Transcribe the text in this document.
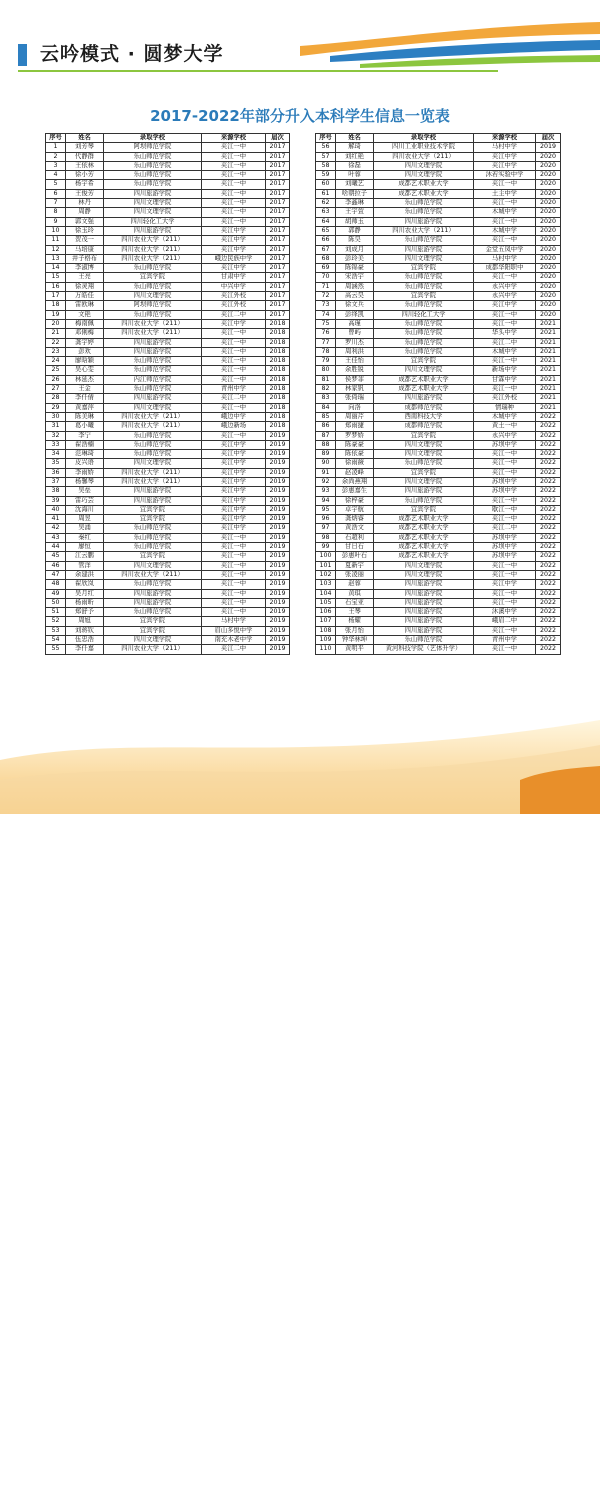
云吟模式 · 圆梦大学
2017-2022年部分升入本科学生信息一览表
序号	姓名	录取学校	来源学校	届次
1	刘芳琴	阿坝师范学院	夹江一中	2017
2	代静群	乐山师范学院	夹江一中	2017
3	王依林	乐山师范学院	夹江一中	2017
4	徐小芳	乐山师范学院	夹江一中	2017
5	杨宇希	乐山师范学院	夹江一中	2017
6	王俊芳	四川旅游学院	夹江一中	2017
7	林丹	四川文理学院	夹江一中	2017
8	周静	四川文理学院	夹江一中	2017
9	郭文强	四川轻化工大学	夹江一中	2017
10	徐玉玲	四川旅游学院	夹江中学	2017
11	贺茂一	四川农业大学（211）	夹江中学	2017
12	马培康	四川农业大学（211）	夹江中学	2017
13	井子格布	四川农业大学（211）	峨边民族中学	2017
14	李淑博	乐山师范学院	夹江中学	2017
15	王亮	宜宾学院	甘肃中学	2017
16	徐灵翔	乐山师范学院	中兴中学	2017
17	万皓佳	四川文理学院	夹江外校	2017
18	雷欧琳	阿坝师范学院	夹江外校	2017
19	文艳	乐山师范学院	夹江二中	2017
20	梅南佩	四川农业大学（211）	夹江中学	2018
21	邓俐梅	四川农业大学（211）	夹江一中	2018
22	龚宇婷	四川旅游学院	夹江一中	2018
23	彭欢	四川旅游学院	夹江一中	2018
24	廖晗颖	乐山师范学院	夹江一中	2018
25	吴心雯	乐山师范学院	夹江一中	2018
26	林延杰	内江师范学院	夹江一中	2018
27	王金	乐山师范学院	青州中学	2018
28	李仟倩	四川旅游学院	夹江二中	2018
29	黄嘉萍	四川文理学院	夹江一中	2018
30	陈美琳	四川农业大学（211）	峨边中学	2018
31	葛小曦	四川农业大学（211）	峨边新场	2018
32	李宁	乐山师范学院	夹江一中	2019
33	翟浩楠	乐山师范学院	夹江中学	2019
34	范琳琦	乐山师范学院	夹江中学	2019
35	皮兴语	四川文理学院	夹江中学	2019
36	李雨娇	四川农业大学（211）	夹江中学	2019
37	杨馨琴	四川农业大学（211）	夹江中学	2019
38	吴垒	四川旅游学院	夹江中学	2019
39	雷巧芸	四川旅游学院	夹江中学	2019
40	沈海川	宜宾学院	夹江中学	2019
41	周昱	宜宾学院	夹江中学	2019
42	吴涌	乐山师范学院	夹江中学	2019
43	秦红	乐山师范学院	夹江一中	2019
44	廖恒	乐山师范学院	夹江一中	2019
45	江云鹏	宜宾学院	夹江一中	2019
46	管洋	四川文理学院	夹江一中	2019
47	余建洪	四川农业大学（211）	夹江一中	2019
48	翟欣岚	乐山师范学院	夹江一中	2019
49	吴月红	四川旅游学院	夹江一中	2019
50	杨雨昕	四川旅游学院	夹江一中	2019
51	郑舒予	乐山师范学院	夹江一中	2019
52	周旭	宜宾学院	马村中学	2019
53	刘蒋钦	宜宾学院	眉山多悦中学	2019
54	伍忠浩	四川文理学院	南充木老中学	2019
55	李仟嘉	四川农业大学（211）	夹江二中	2019
序号	姓名	录取学校	来源学校	届次
56	解琦	四川工业职业技术学院	马村中学	2019
57	刘红艳	四川农业大学（211）	夹江中学	2020
58	徐磊	四川文理学院	夹江中学	2020
59	叶蓉	四川文理学院	沐若实验中学	2020
60	刘曦艺	成都艺术职业大学	夹江一中	2020
61	啥朝拉子	成都艺术职业大学	土主中学	2020
62	李鑫琳	乐山师范学院	夹江一中	2020
63	王宇萱	乐山师范学院	木城中学	2020
64	胡师玉	四川旅游学院	夹江一中	2020
65	郭静	四川农业大学（211）	木城中学	2020
66	陈昊	乐山师范学院	夹江一中	2020
67	刘成月	四川旅游学院	金堂五凤中学	2020
68	彭玲美	四川文理学院	马村中学	2020
69	陈锦豪	宜宾学院	成都华阳职中	2020
70	宋浩宇	乐山师范学院	夹江一中	2020
71	周涵然	乐山师范学院	永兴中学	2020
72	高云昊	宜宾学院	永兴中学	2020
73	徐文兵	乐山师范学院	夹江中学	2020
74	彭绎凯	四川轻化工大学	夹江一中	2020
75	高瑾	乐山师范学院	夹江一中	2021
76	曾屿	乐山师范学院	华头中学	2021
77	罗川杰	乐山师范学院	夹江二中	2021
78	周利洪	乐山师范学院	木城中学	2021
79	王佳怡	宜宾学院	夹江一中	2021
80	余胜锐	四川文理学院	新场中学	2021
81	侯梦菲	成都艺术职业大学	甘霖中学	2021
82	林家钒	成都艺术职业大学	夹江一中	2021
83	张倚瑞	四川旅游学院	夹江外校	2021
84	向洛	成都师范学院	情瑞种	2021
85	周丽芹	西南科技大学	木城中学	2022
86	郑雨捷	成都师范学院	黄土一中	2022
87	罗梦娇	宜宾学院	永兴中学	2022
88	陈豪豪	四川文理学院	苏坝中学	2022
89	陈依豪	四川文理学院	夹江一中	2022
90	徐雨薇	乐山师范学院	夹江一中	2022
91	赵凌峰	宜宾学院	夹江一中	2022
92	余尚燕翔	四川文理学院	苏坝中学	2022
93	彭惠嘉生	四川旅游学院	苏坝中学	2022
94	徐梓豪	乐山师范学院	夹江一中	2022
95	卓宇航	宜宾学院	歇江一中	2022
96	龚炳睿	成都艺术职业大学	夹江一中	2022
97	黄浩文	成都艺术职业大学	夹江二中	2022
98	石超利	成都艺术职业大学	苏坝中学	2022
99	甘日石	成都艺术职业大学	苏坝中学	2022
100	彭惠叶石	成都艺术职业大学	苏坝中学	2022
101	夏新宇	四川文理学院	夹江一中	2022
102	张凌丽	四川文理学院	夹江一中	2022
103	赵蓉	四川旅游学院	夹江中学	2022
104	黄琪	四川旅游学院	夹江一中	2022
105	石宝亚	四川旅游学院	夹江一中	2022
106	王琴	四川旅游学院	沐溪中学	2022
107	杨耀	四川旅游学院	峨眉二中	2022
108	张月怡	四川旅游学院	夹江一中	2022
109	钟华林坤	乐山师范学院	青州中学	2022
110	黄明平	黄河科技学院（艺体升学）	夹江一中	2022
08/
Page
